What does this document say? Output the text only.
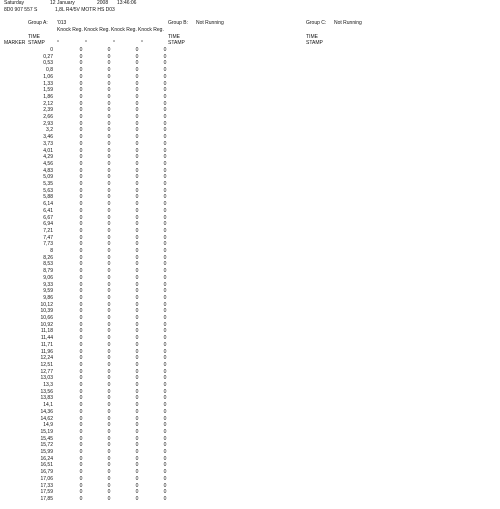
Saturday	12 January	2008 13:46:06
8D0 907 557 S	1,8L R4/5V MOTR HS D03
Group A: '013	Group B: Not Running	Group C: Not Running
Knock Reg. Knock Reg. Knock Reg. Knock Reg.
TIME	TIME	TIME
MARKER STAMP	STAMP	STAMP
°	°	°	°
0	0	0	0	0
0,27	0	0	0	0
0,53	0	0	0	0
0,8	0	0	0	0
1,06	0	0	0	0
1,33	0	0	0	0
1,59	0	0	0	0
1,86	0	0	0	0
2,12	0	0	0	0
2,39	0	0	0	0
2,66	0	0	0	0
2,93	0	0	0	0
3,2	0	0	0	0
3,46	0	0	0	0
3,73	0	0	0	0
4,01	0	0	0	0
4,29	0	0	0	0
4,56	0	0	0	0
4,83	0	0	0	0
5,09	0	0	0	0
5,35	0	0	0	0
5,63	0	0	0	0
5,88	0	0	0	0
6,14	0	0	0	0
6,41	0	0	0	0
6,67	0	0	0	0
6,94	0	0	0	0
7,21	0	0	0	0
7,47	0	0	0	0
7,73	0	0	0	0
8	0	0	0	0
8,26	0	0	0	0
8,53	0	0	0	0
8,79	0	0	0	0
9,06	0	0	0	0
9,33	0	0	0	0
9,59	0	0	0	0
9,86	0	0	0	0
10,12	0	0	0	0
10,39	0	0	0	0
10,66	0	0	0	0
10,92	0	0	0	0
11,18	0	0	0	0
11,44	0	0	0	0
11,71	0	0	0	0
11,96	0	0	0	0
12,24	0	0	0	0
12,51	0	0	0	0
12,77	0	0	0	0
13,03	0	0	0	0
13,3	0	0	0	0
13,56	0	0	0	0
13,83	0	0	0	0
14,1	0	0	0	0
14,36	0	0	0	0
14,62	0	0	0	0
14,9	0	0	0	0
15,19	0	0	0	0
15,45	0	0	0	0
15,72	0	0	0	0
15,99	0	0	0	0
16,24	0	0	0	0
16,51	0	0	0	0
16,79	0	0	0	0
17,06	0	0	0	0
17,33	0	0	0	0
17,59	0	0	0	0
17,85	0	0	0	0
